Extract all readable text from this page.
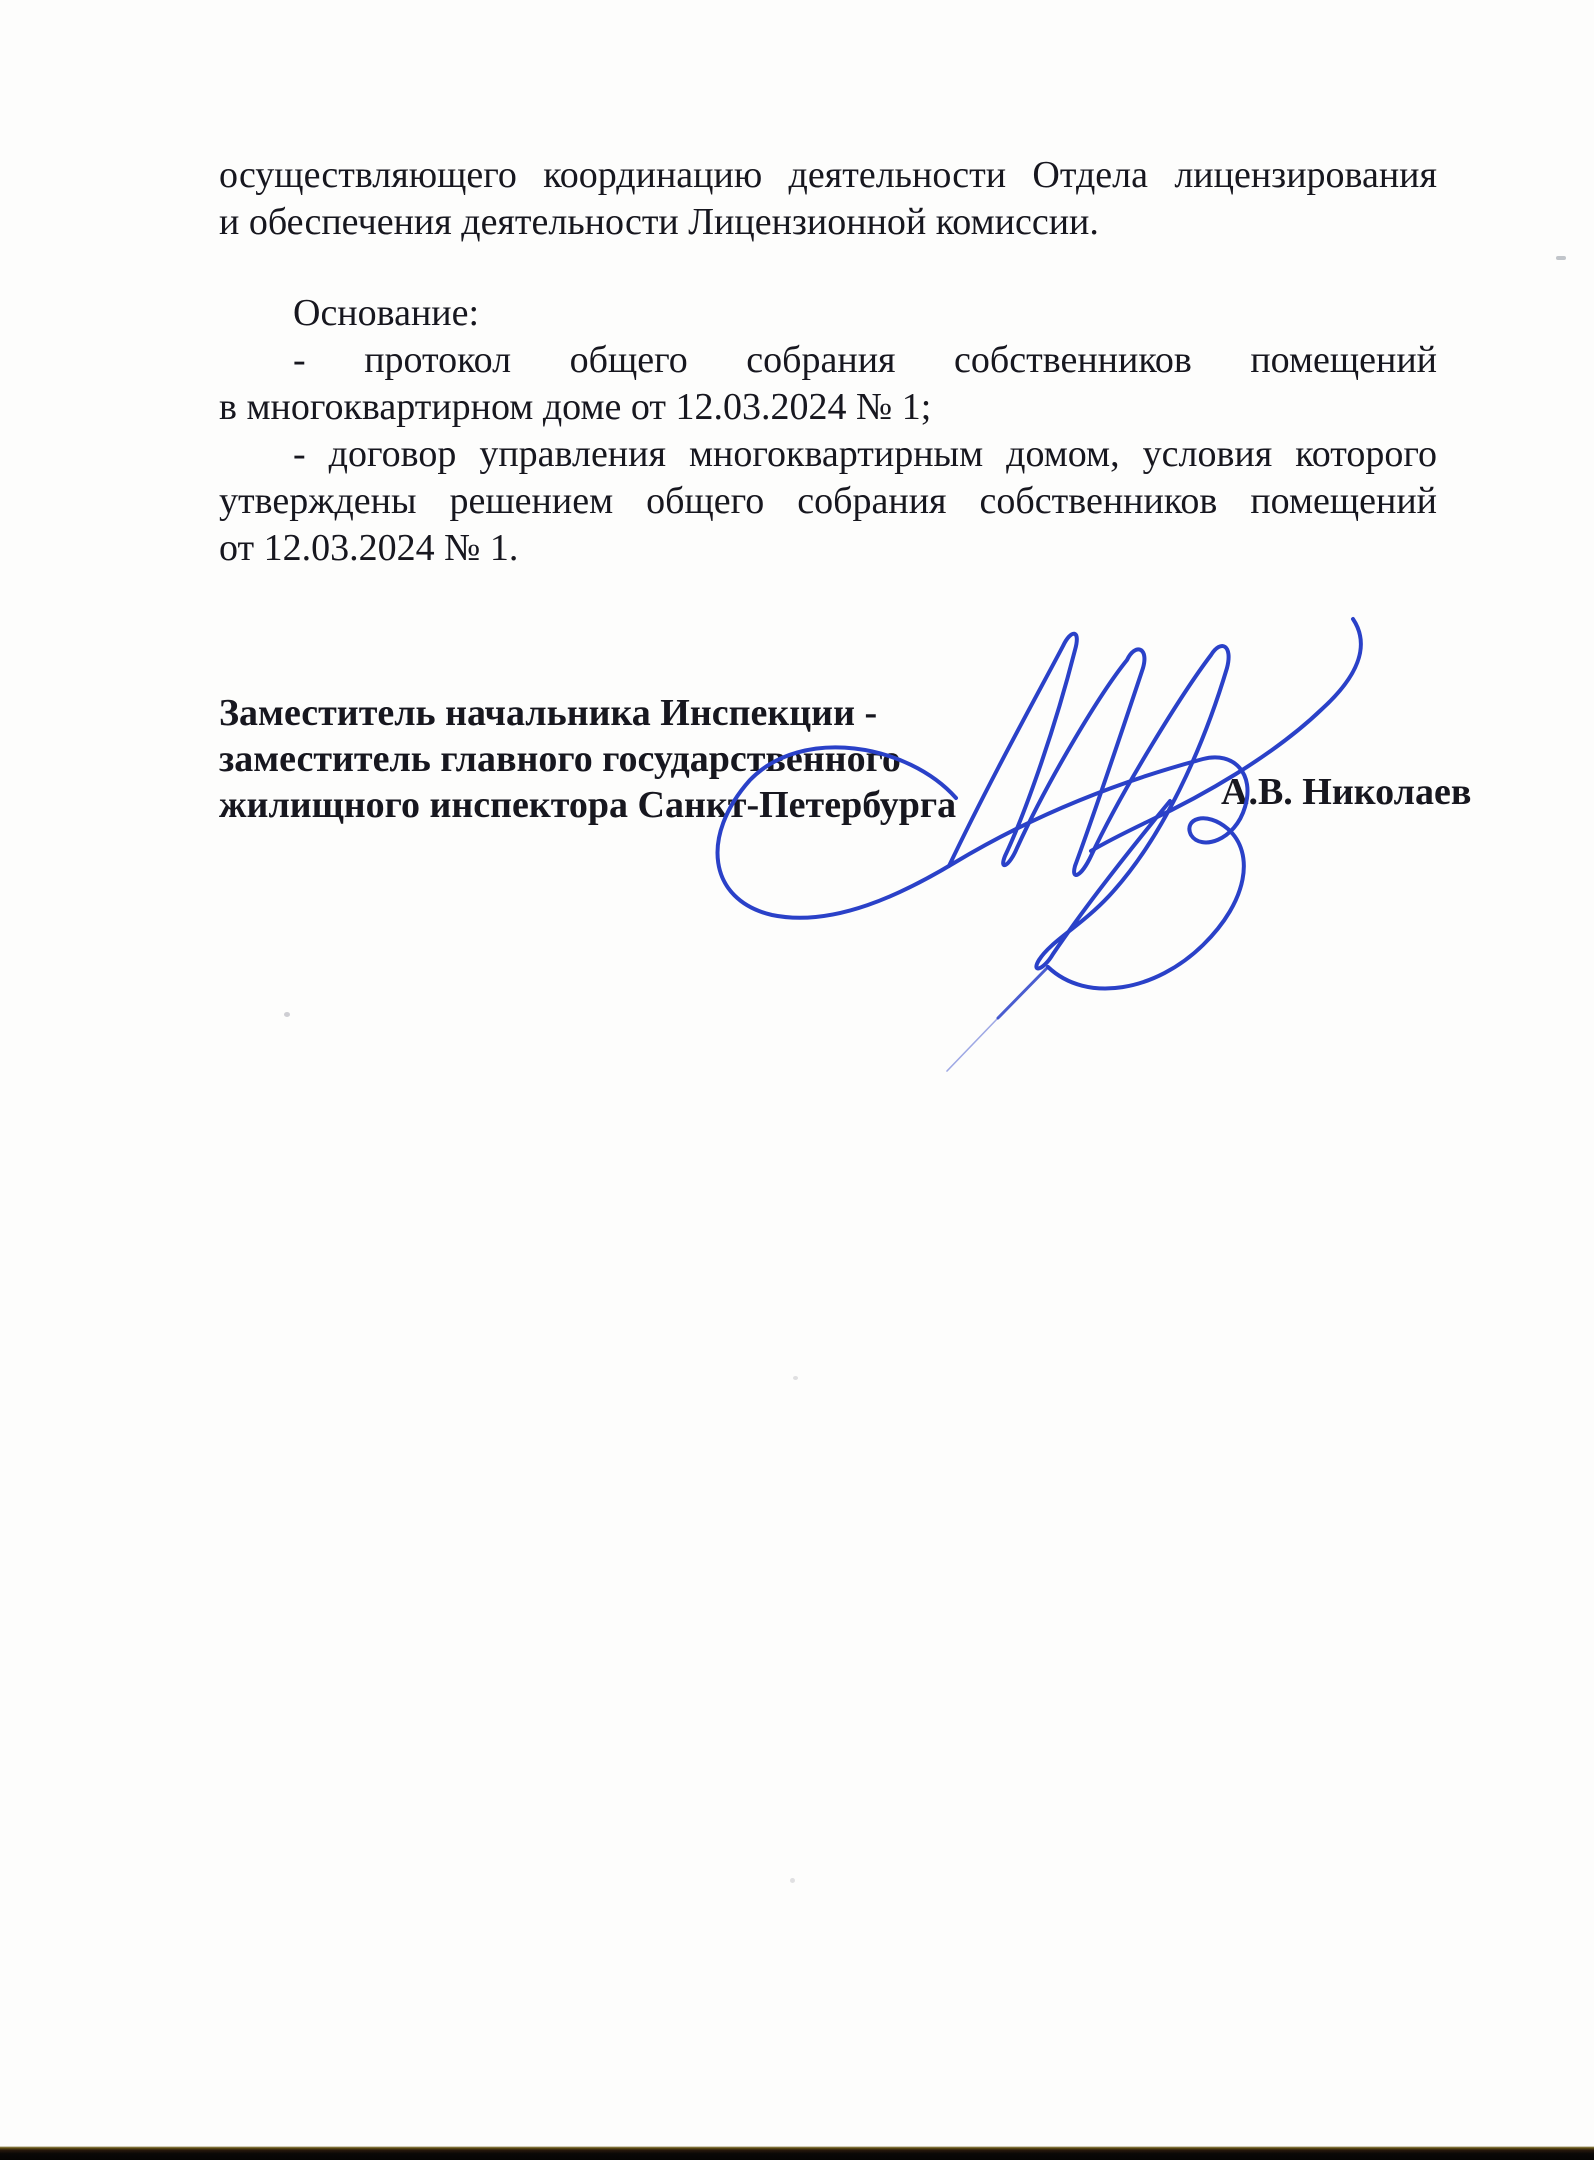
осуществляющего координацию деятельности Отдела лицензирования
и обеспечения деятельности Лицензионной комиссии.
Основание:
- протокол общего собрания собственников помещений
в многоквартирном доме от 12.03.2024 № 1;
- договор управления многоквартирным домом, условия которого
утверждены решением общего собрания собственников помещений
от 12.03.2024 № 1.
Заместитель начальника Инспекции -
заместитель главного государственного
жилищного инспектора Санкт-Петербурга	А.В. Николаев
